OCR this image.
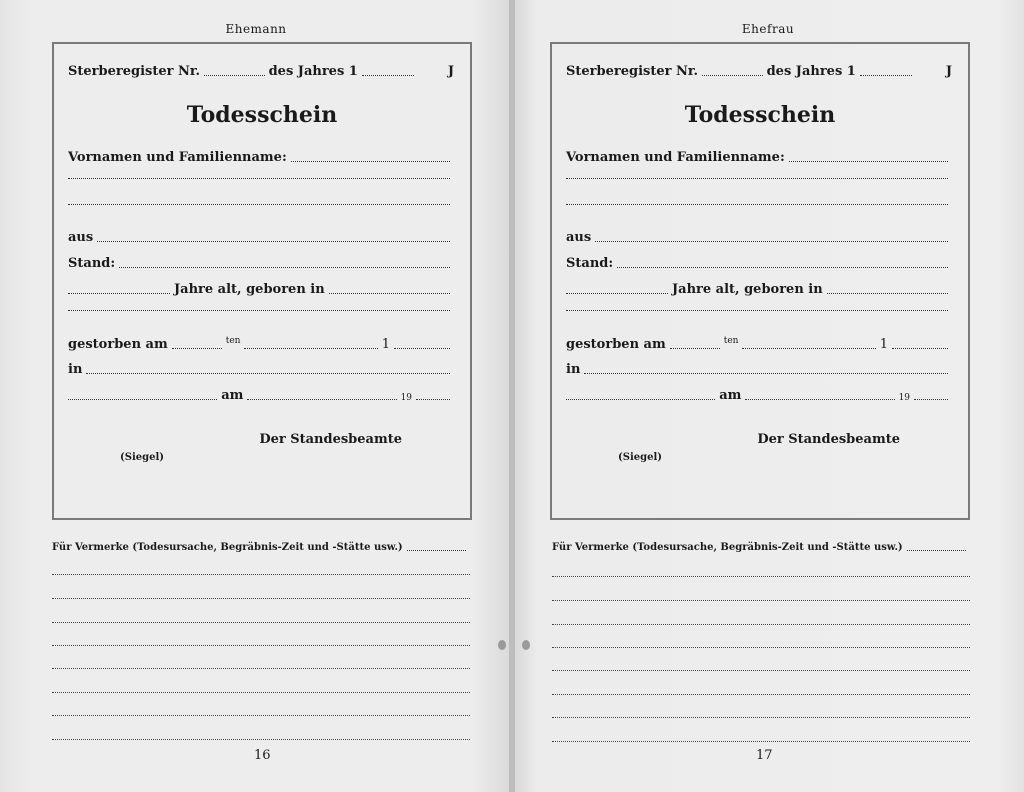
Ehemann
Sterberegister Nr.	des Jahres 1	J
Todesschein
Vornamen und Familienname:
aus
Stand:
Jahre alt, geboren in
gestorben am	ten	1
in
am	19
Der Standesbeamte
(Siegel)
Für Vermerke (Todesursache, Begräbnis-Zeit und -Stätte usw.)
16
Ehefrau
Sterberegister Nr.	des Jahres 1	J
Todesschein
Vornamen und Familienname:
aus
Stand:
Jahre alt, geboren in
gestorben am	ten	1
in
am	19
Der Standesbeamte
(Siegel)
Für Vermerke (Todesursache, Begräbnis-Zeit und -Stätte usw.)
17
